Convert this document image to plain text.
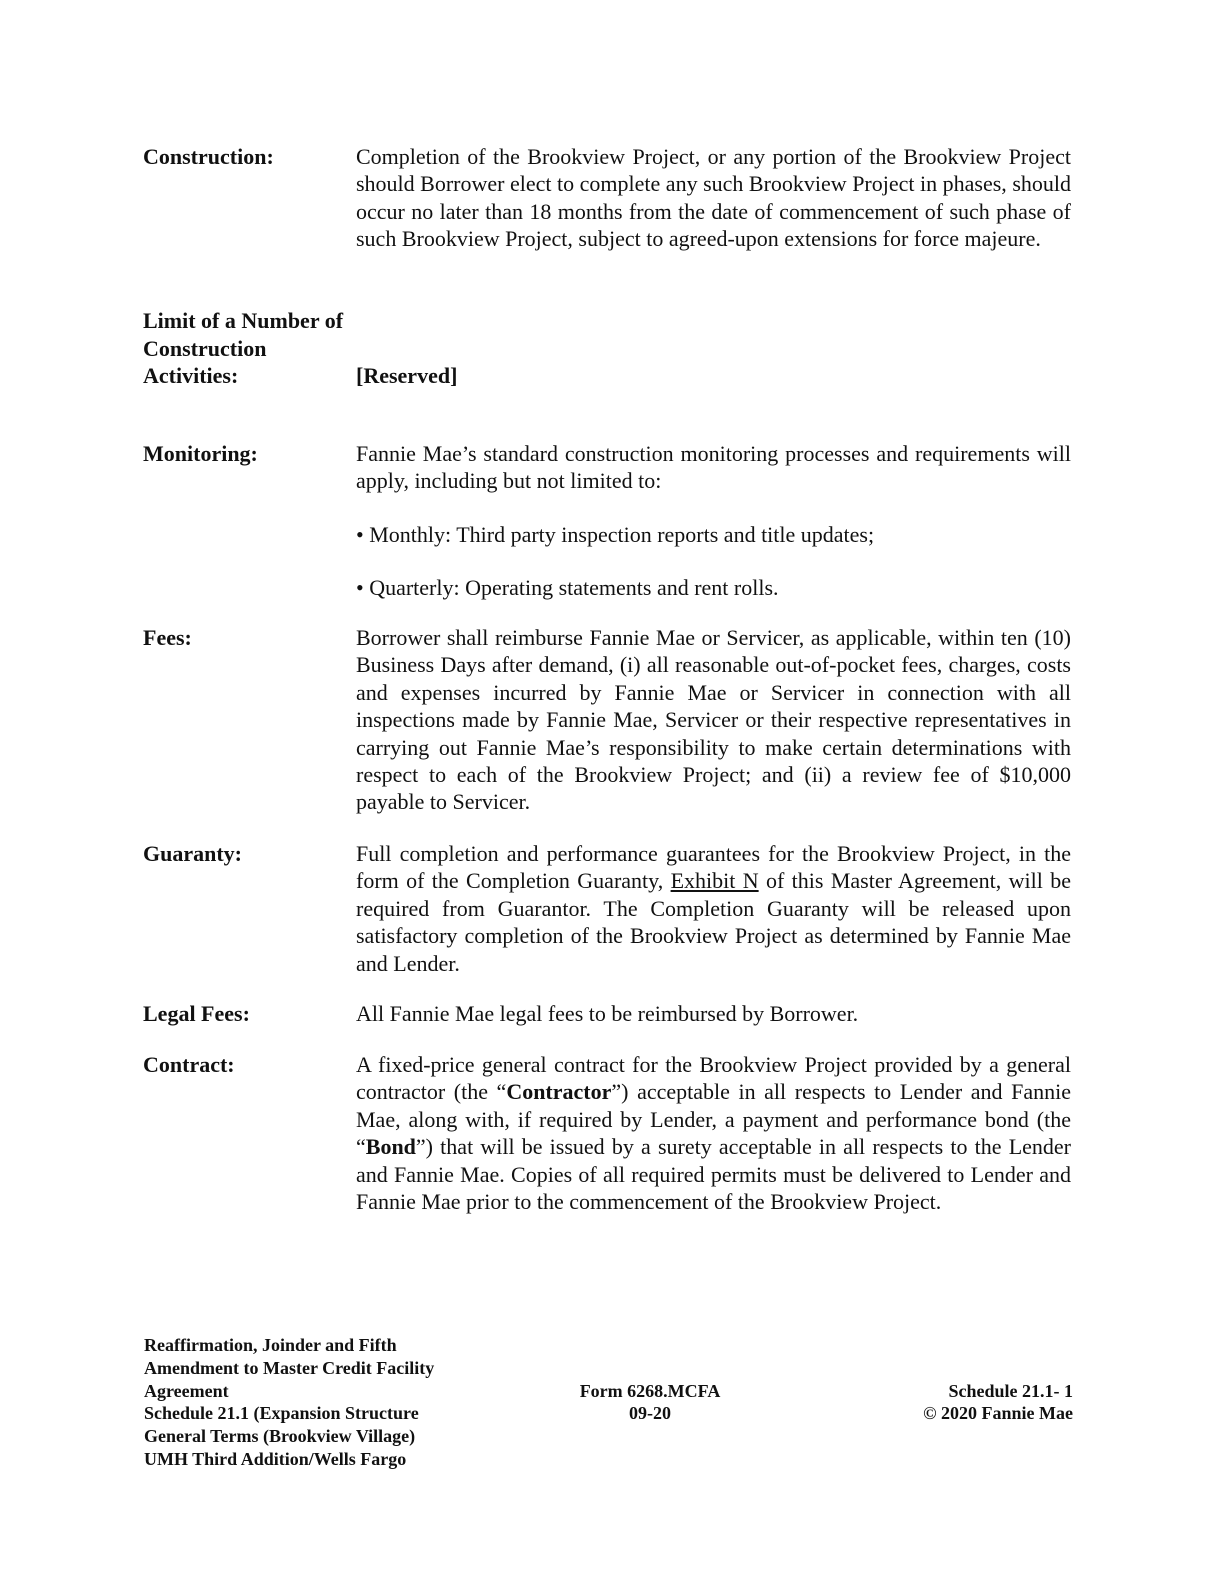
Construction:	Completion of the Brookview Project, or any portion of the Brookview Project should Borrower elect to complete any such Brookview Project in phases, should occur no later than 18 months from the date of commencement of such phase of such Brookview Project, subject to agreed-upon extensions for force majeure.

Limit of a Number of Construction Activities:	[Reserved]

Monitoring:	Fannie Mae’s standard construction monitoring processes and requirements will apply, including but not limited to:

• Monthly: Third party inspection reports and title updates;

• Quarterly: Operating statements and rent rolls.

Fees:	Borrower shall reimburse Fannie Mae or Servicer, as applicable, within ten (10) Business Days after demand, (i) all reasonable out-of-pocket fees, charges, costs and expenses incurred by Fannie Mae or Servicer in connection with all inspections made by Fannie Mae, Servicer or their respective representatives in carrying out Fannie Mae’s responsibility to make certain determinations with respect to each of the Brookview Project; and (ii) a review fee of $10,000 payable to Servicer.

Guaranty:	Full completion and performance guarantees for the Brookview Project, in the form of the Completion Guaranty, Exhibit N of this Master Agreement, will be required from Guarantor. The Completion Guaranty will be released upon satisfactory completion of the Brookview Project as determined by Fannie Mae and Lender.

Legal Fees:	All Fannie Mae legal fees to be reimbursed by Borrower.

Contract:	A fixed-price general contract for the Brookview Project provided by a general contractor (the “Contractor”) acceptable in all respects to Lender and Fannie Mae, along with, if required by Lender, a payment and performance bond (the “Bond”) that will be issued by a surety acceptable in all respects to the Lender and Fannie Mae. Copies of all required permits must be delivered to Lender and Fannie Mae prior to the commencement of the Brookview Project.

Reaffirmation, Joinder and Fifth
Amendment to Master Credit Facility
Agreement
Schedule 21.1 (Expansion Structure
General Terms (Brookview Village)
UMH Third Addition/Wells Fargo
Form 6268.MCFA
09-20
Schedule 21.1- 1
© 2020 Fannie Mae
